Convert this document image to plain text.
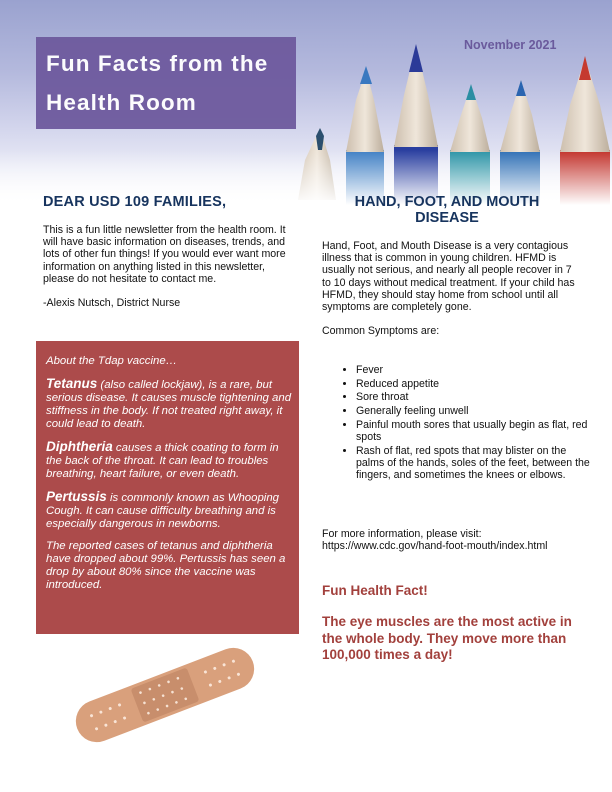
Fun Facts from the
Health Room
November 2021
DEAR USD 109 FAMILIES,
This is a fun little newsletter from the health room. It will have basic information on diseases, trends, and lots of other fun things! If you would ever want more information on anything listed in this newsletter, please do not hesitate to contact me.
-Alexis Nutsch, District Nurse

About the Tdap vaccine…

Tetanus (also called lockjaw), is a rare, but serious disease. It causes muscle tightening and stiffness in the body. If not treated right away, it could lead to death.

Diphtheria causes a thick coating to form in the back of the throat. It can lead to troubles breathing, heart failure, or even death.

Pertussis is commonly known as Whooping Cough. It can cause difficulty breathing and is especially dangerous in newborns.

The reported cases of tetanus and diphtheria have dropped about 99%. Pertussis has seen a drop by about 80% since the vaccine was introduced.

HAND, FOOT, AND MOUTH DISEASE
Hand, Foot, and Mouth Disease is a very contagious illness that is common in young children. HFMD is usually not serious, and nearly all people recover in 7 to 10 days without medical treatment. If your child has HFMD, they should stay home from school until all symptoms are completely gone.
Common Symptoms are:
• Fever
• Reduced appetite
• Sore throat
• Generally feeling unwell
• Painful mouth sores that usually begin as flat, red spots
• Rash of flat, red spots that may blister on the palms of the hands, soles of the feet, between the fingers, and sometimes the knees or elbows.
For more information, please visit:
https://www.cdc.gov/hand-foot-mouth/index.html
Fun Health Fact!
The eye muscles are the most active in the whole body. They move more than 100,000 times a day!
